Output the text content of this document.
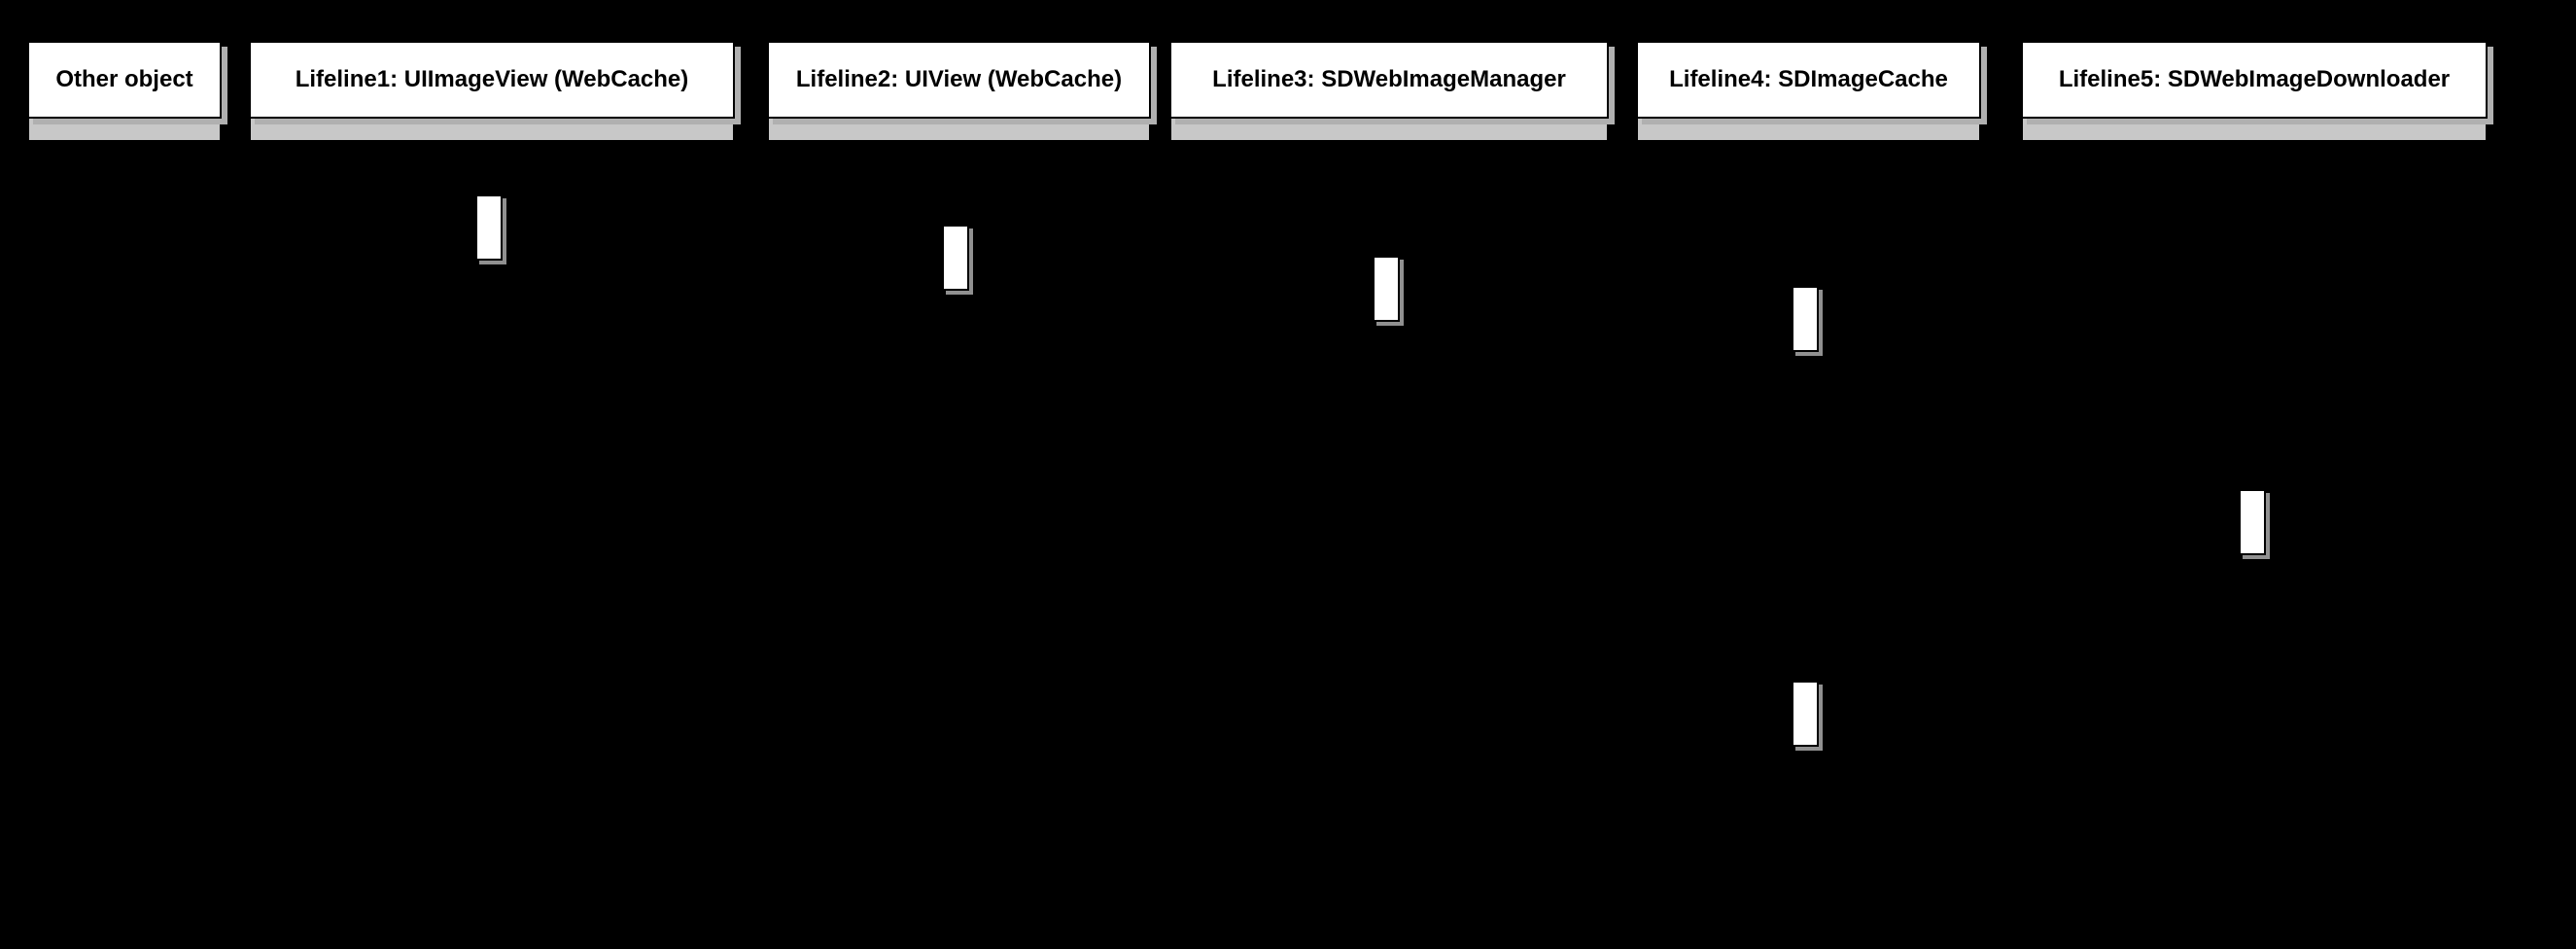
Other object	Lifeline1: UIImageView (WebCache)	Lifeline2: UIView (WebCache)	Lifeline3: SDWebImageManager	Lifeline4: SDImageCache	Lifeline5: SDWebImageDownloader
